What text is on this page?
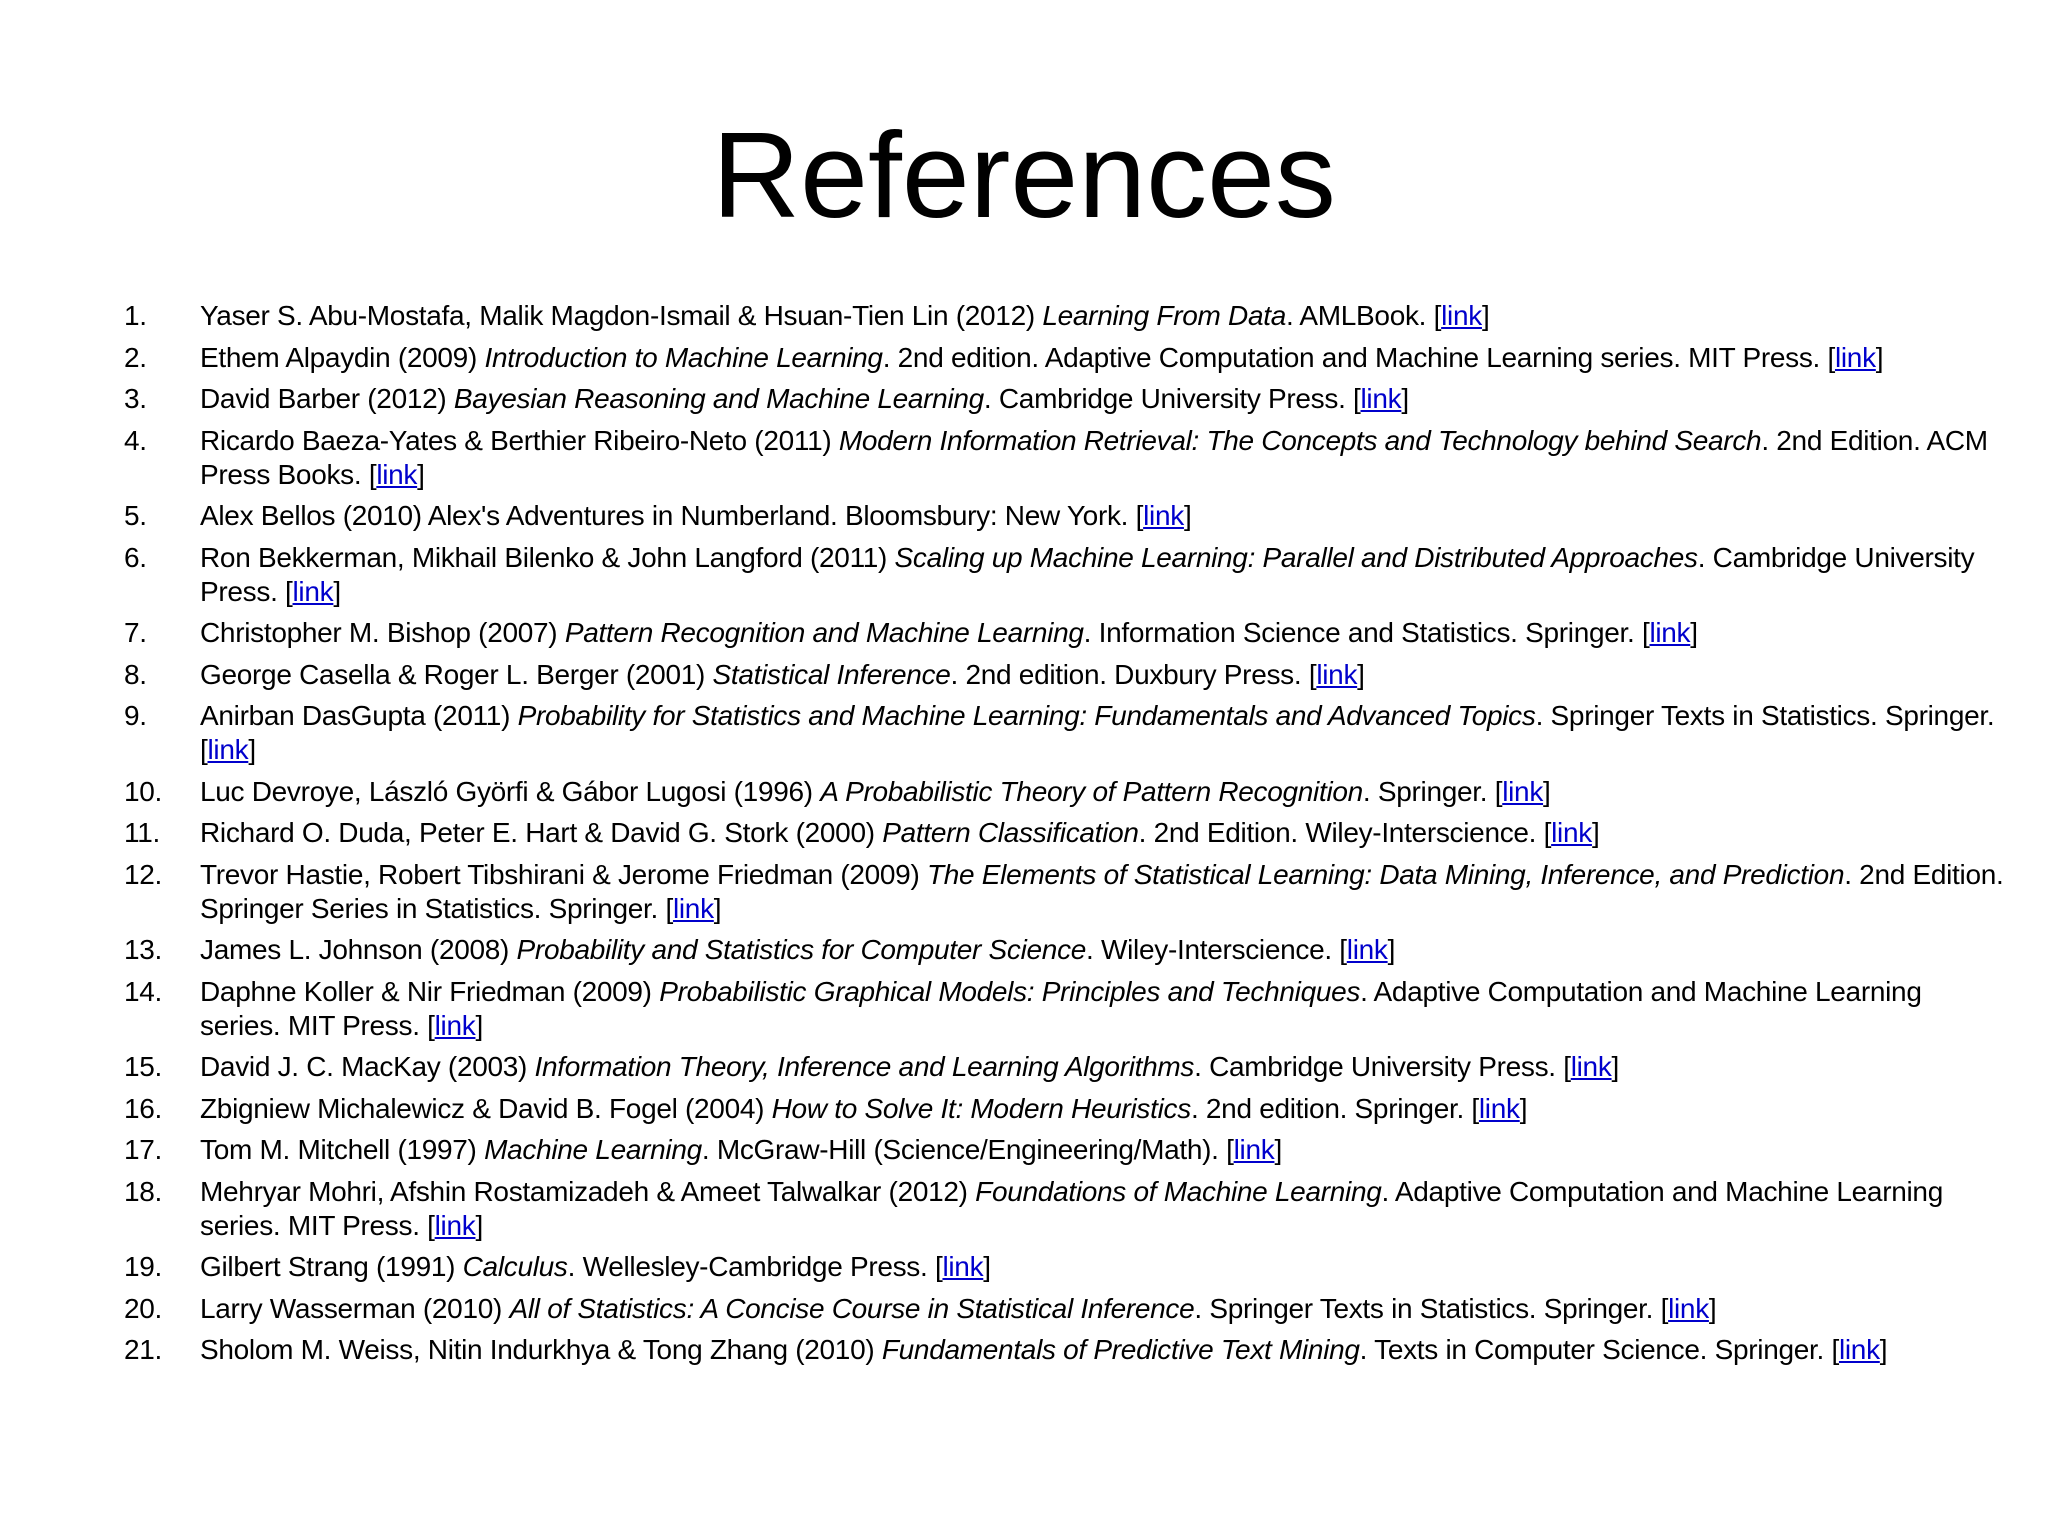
References
1.	Yaser S. Abu-Mostafa, Malik Magdon-Ismail & Hsuan-Tien Lin (2012) Learning From Data. AMLBook. [link]
2.	Ethem Alpaydin (2009) Introduction to Machine Learning. 2nd edition. Adaptive Computation and Machine Learning series. MIT Press. [link]
3.	David Barber (2012) Bayesian Reasoning and Machine Learning. Cambridge University Press. [link]
4.	Ricardo Baeza-Yates & Berthier Ribeiro-Neto (2011) Modern Information Retrieval: The Concepts and Technology behind Search. 2nd Edition. ACM Press Books. [link]
5.	Alex Bellos (2010) Alex's Adventures in Numberland. Bloomsbury: New York. [link]
6.	Ron Bekkerman, Mikhail Bilenko & John Langford (2011) Scaling up Machine Learning: Parallel and Distributed Approaches. Cambridge University Press. [link]
7.	Christopher M. Bishop (2007) Pattern Recognition and Machine Learning. Information Science and Statistics. Springer. [link]
8.	George Casella & Roger L. Berger (2001) Statistical Inference. 2nd edition. Duxbury Press. [link]
9.	Anirban DasGupta (2011) Probability for Statistics and Machine Learning: Fundamentals and Advanced Topics. Springer Texts in Statistics. Springer. [link]
10.	Luc Devroye, László Györfi & Gábor Lugosi (1996) A Probabilistic Theory of Pattern Recognition. Springer. [link]
11.	Richard O. Duda, Peter E. Hart & David G. Stork (2000) Pattern Classification. 2nd Edition. Wiley-Interscience. [link]
12.	Trevor Hastie, Robert Tibshirani & Jerome Friedman (2009) The Elements of Statistical Learning: Data Mining, Inference, and Prediction. 2nd Edition. Springer Series in Statistics. Springer. [link]
13.	James L. Johnson (2008) Probability and Statistics for Computer Science. Wiley-Interscience. [link]
14.	Daphne Koller & Nir Friedman (2009) Probabilistic Graphical Models: Principles and Techniques. Adaptive Computation and Machine Learning series. MIT Press. [link]
15.	David J. C. MacKay (2003) Information Theory, Inference and Learning Algorithms. Cambridge University Press. [link]
16.	Zbigniew Michalewicz & David B. Fogel (2004) How to Solve It: Modern Heuristics. 2nd edition. Springer. [link]
17.	Tom M. Mitchell (1997) Machine Learning. McGraw-Hill (Science/Engineering/Math). [link]
18.	Mehryar Mohri, Afshin Rostamizadeh & Ameet Talwalkar (2012) Foundations of Machine Learning. Adaptive Computation and Machine Learning series. MIT Press. [link]
19.	Gilbert Strang (1991) Calculus. Wellesley-Cambridge Press. [link]
20.	Larry Wasserman (2010) All of Statistics: A Concise Course in Statistical Inference. Springer Texts in Statistics. Springer. [link]
21.	Sholom M. Weiss, Nitin Indurkhya & Tong Zhang (2010) Fundamentals of Predictive Text Mining. Texts in Computer Science. Springer. [link]
